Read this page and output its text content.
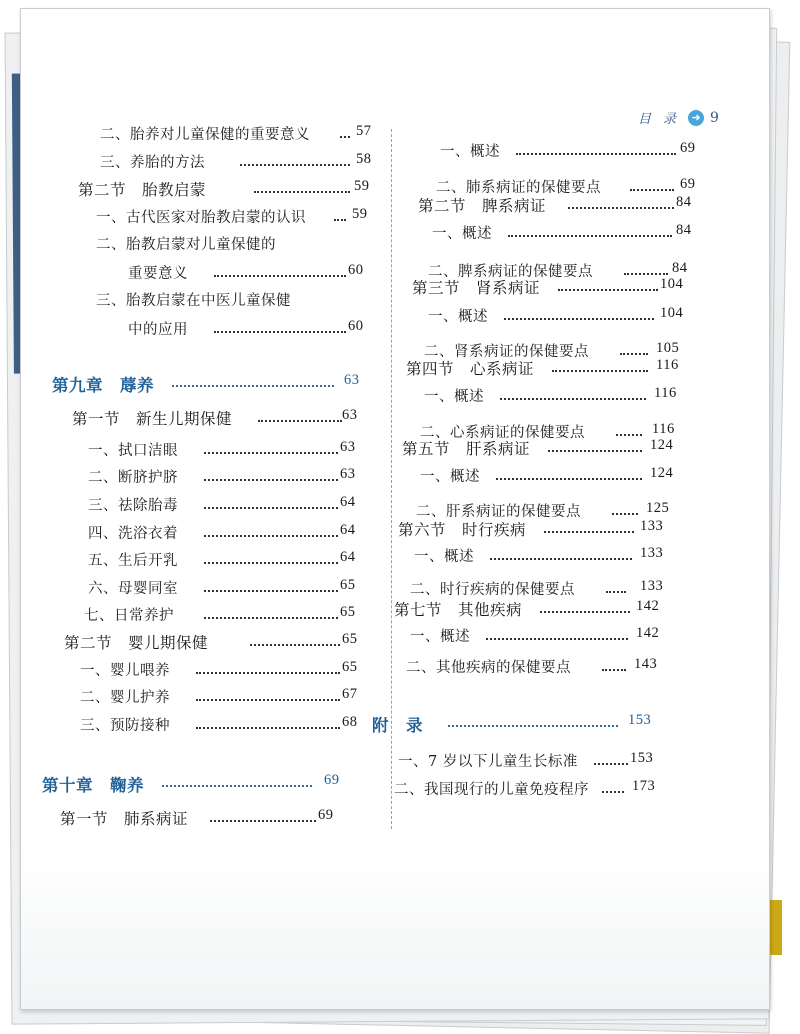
目 录	➜ 9
二、胎养对儿童保健的重要意义	57
三、养胎的方法	58
第二节　胎教启蒙	59
一、古代医家对胎教启蒙的认识	59
二、胎教启蒙对儿童保健的
重要意义	60
三、胎教启蒙在中医儿童保健
中的应用	60
第九章　蓐养	63
第一节　新生儿期保健	63
一、拭口洁眼	63
二、断脐护脐	63
三、祛除胎毒	64
四、洗浴衣着	64
五、生后开乳	64
六、母婴同室	65
七、日常养护	65
第二节　婴儿期保健	65
一、婴儿喂养	65
二、婴儿护养	67
三、预防接种	68
第十章　鞠养	69
第一节　肺系病证	69
一、概述	69
二、肺系病证的保健要点	69
第二节　脾系病证	84
一、概述	84
二、脾系病证的保健要点	84
第三节　肾系病证	104
一、概述	104
二、肾系病证的保健要点	105
第四节　心系病证	116
一、概述	116
二、心系病证的保健要点	116
第五节　肝系病证	124
一、概述	124
二、肝系病证的保健要点	125
第六节　时行疾病	133
一、概述	133
二、时行疾病的保健要点	133
第七节　其他疾病	142
一、概述	142
二、其他疾病的保健要点	143
附　录	153
一、7 岁以下儿童生长标准	153
二、我国现行的儿童免疫程序	173
